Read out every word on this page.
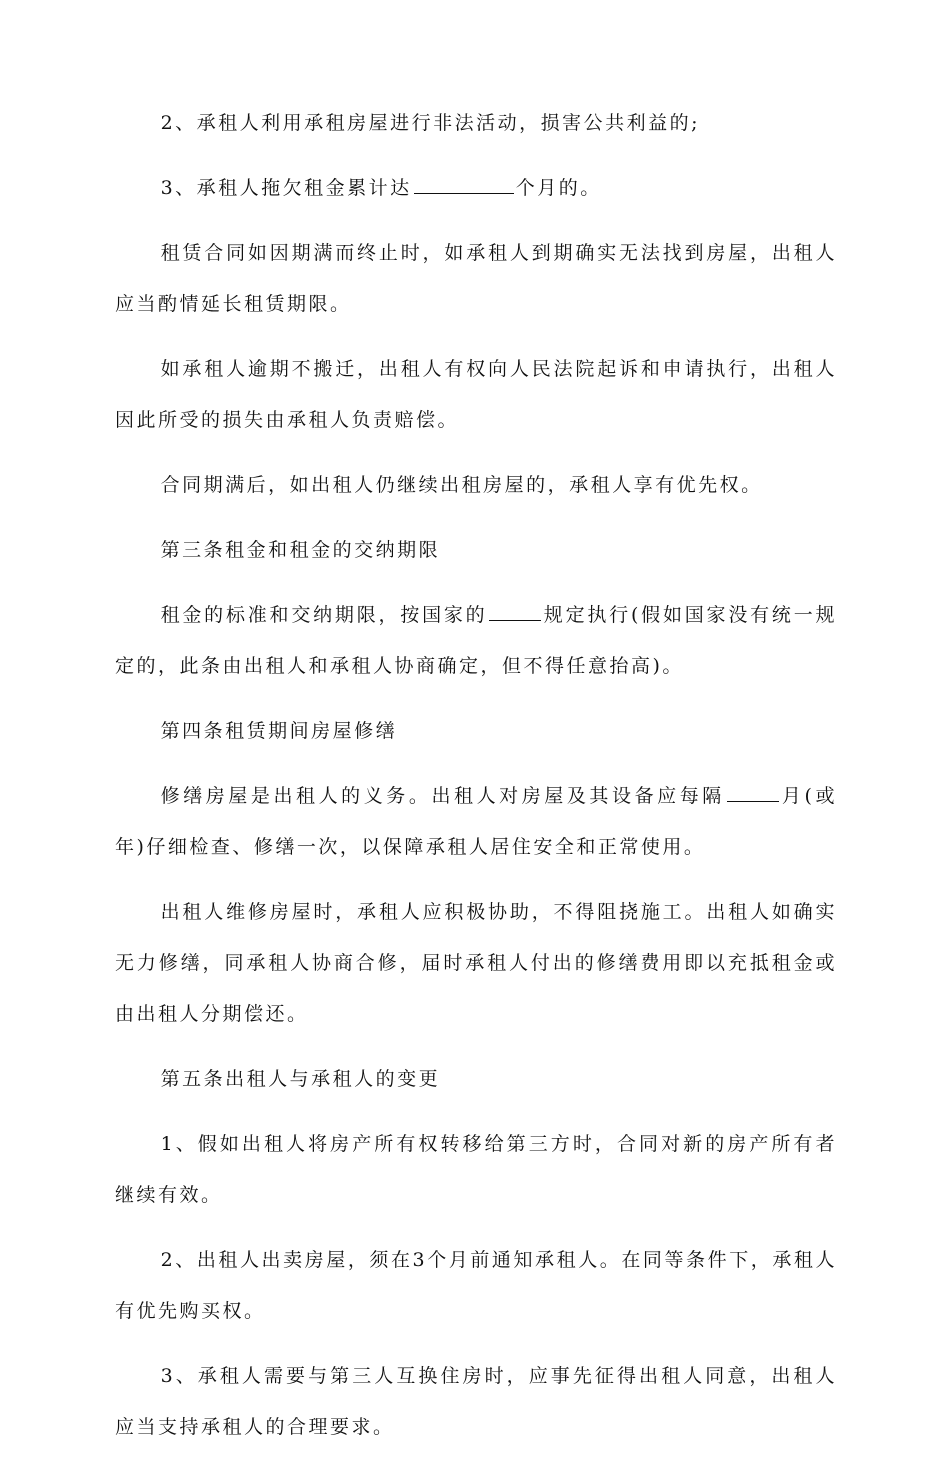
2、承租人利用承租房屋进行非法活动，损害公共利益的;

3、承租人拖欠租金累计达	个月的。

租赁合同如因期满而终止时，如承租人到期确实无法找到房屋，出租人应当酌情延长租赁期限。

如承租人逾期不搬迁，出租人有权向人民法院起诉和申请执行，出租人因此所受的损失由承租人负责赔偿。

合同期满后，如出租人仍继续出租房屋的，承租人享有优先权。

第三条租金和租金的交纳期限

租金的标准和交纳期限，按国家的	规定执行(假如国家没有统一规定的，此条由出租人和承租人协商确定，但不得任意抬高)。

第四条租赁期间房屋修缮

修缮房屋是出租人的义务。出租人对房屋及其设备应每隔	月(或年)仔细检查、修缮一次，以保障承租人居住安全和正常使用。

出租人维修房屋时，承租人应积极协助，不得阻挠施工。出租人如确实无力修缮，同承租人协商合修，届时承租人付出的修缮费用即以充抵租金或由出租人分期偿还。

第五条出租人与承租人的变更

1、假如出租人将房产所有权转移给第三方时，合同对新的房产所有者继续有效。

2、出租人出卖房屋，须在3个月前通知承租人。在同等条件下，承租人有优先购买权。

3、承租人需要与第三人互换住房时，应事先征得出租人同意，出租人应当支持承租人的合理要求。
